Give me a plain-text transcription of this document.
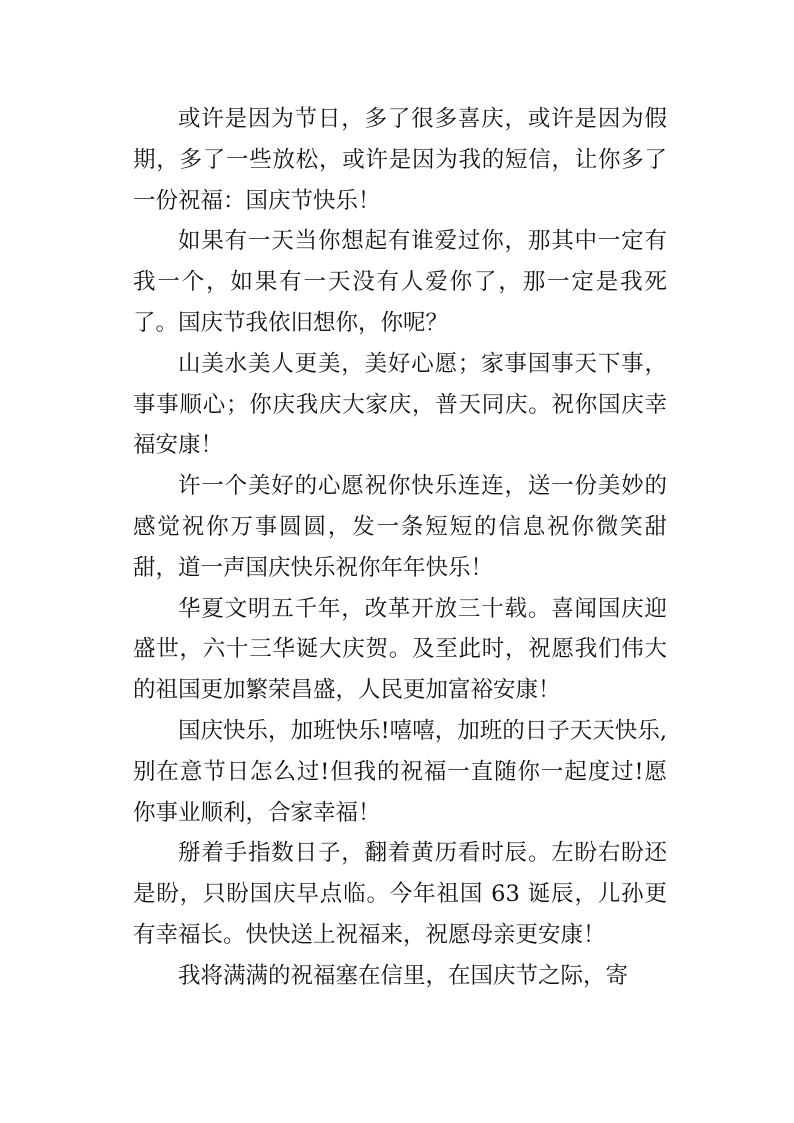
或许是因为节日，多了很多喜庆，或许是因为假期，多了一些放松，或许是因为我的短信，让你多了一份祝福：国庆节快乐！

如果有一天当你想起有谁爱过你，那其中一定有我一个，如果有一天没有人爱你了，那一定是我死了。国庆节我依旧想你，你呢？

山美水美人更美，美好心愿；家事国事天下事，事事顺心；你庆我庆大家庆，普天同庆。祝你国庆幸福安康！

许一个美好的心愿祝你快乐连连，送一份美妙的感觉祝你万事圆圆，发一条短短的信息祝你微笑甜甜，道一声国庆快乐祝你年年快乐！

华夏文明五千年，改革开放三十载。喜闻国庆迎盛世，六十三华诞大庆贺。及至此时，祝愿我们伟大的祖国更加繁荣昌盛，人民更加富裕安康！

国庆快乐，加班快乐!嘻嘻，加班的日子天天快乐,别在意节日怎么过!但我的祝福一直随你一起度过!愿你事业顺利，合家幸福！

掰着手指数日子，翻着黄历看时辰。左盼右盼还是盼，只盼国庆早点临。今年祖国 63 诞辰，儿孙更有幸福长。快快送上祝福来，祝愿母亲更安康！

我将满满的祝福塞在信里，在国庆节之际，寄
